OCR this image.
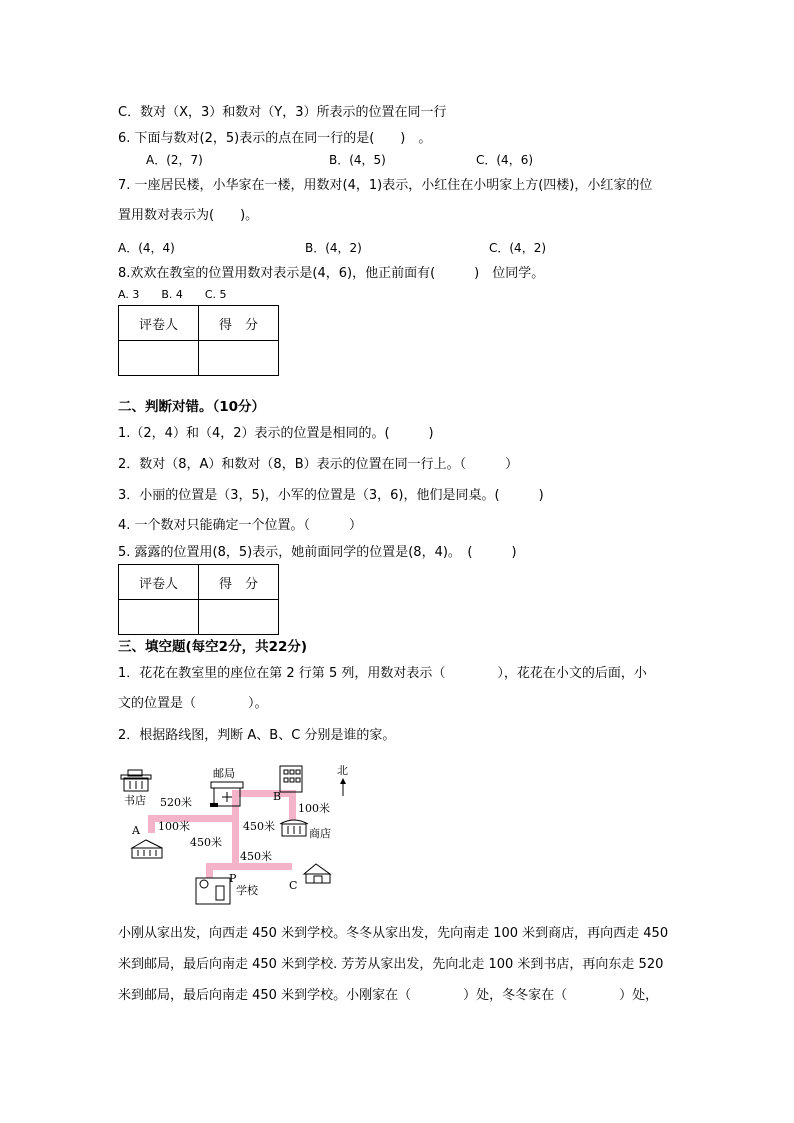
C．数对（X，3）和数对（Y，3）所表示的位置在同一行
6. 下面与数对(2，5)表示的点在同一行的是(　　)　。
A．(2，7)	B．(4，5)	C．(4，6)
7. 一座居民楼，小华家在一楼，用数对(4，1)表示，小红住在小明家上方(四楼)，小红家的位
置用数对表示为(　　)。
A．(4，4)	B．(4，2)	C．(4，2)
8.欢欢在教室的位置用数对表示是(4，6)，他正前面有(　　　)　位同学。
A. 3　　B. 4　　C. 5
评卷人	得　分

二、判断对错。（10分）
1.（2，4）和（4，2）表示的位置是相同的。(　　　)
2．数对（8，A）和数对（8，B）表示的位置在同一行上。（　　　）
3．小丽的位置是（3，5)，小军的位置是（3，6)，他们是同桌。(　　　)
4. 一个数对只能确定一个位置。（　　　）
5. 露露的位置用(8，5)表示，她前面同学的位置是(8，4)。　(　　　)
评卷人	得　分

三、填空题(每空2分，共22分)
1．花花在教室里的座位在第 2 行第 5 列，用数对表示（　　　　），花花在小文的后面，小
文的位置是（　　　　）。
2．根据路线图，判断 A、B、C 分别是谁的家。
书店
邮局
B
北
100米
520米
100米	450米
450米
450米
商店
A
P
学校	C
小刚从家出发，向西走 450 米到学校。冬冬从家出发，先向南走 100 米到商店，再向西走 450
米到邮局，最后向南走 450 米到学校. 芳芳从家出发，先向北走 100 米到书店，再向东走 520
米到邮局，最后向南走 450 米到学校。小刚家在（　　　　）处，冬冬家在（　　　　）处，
